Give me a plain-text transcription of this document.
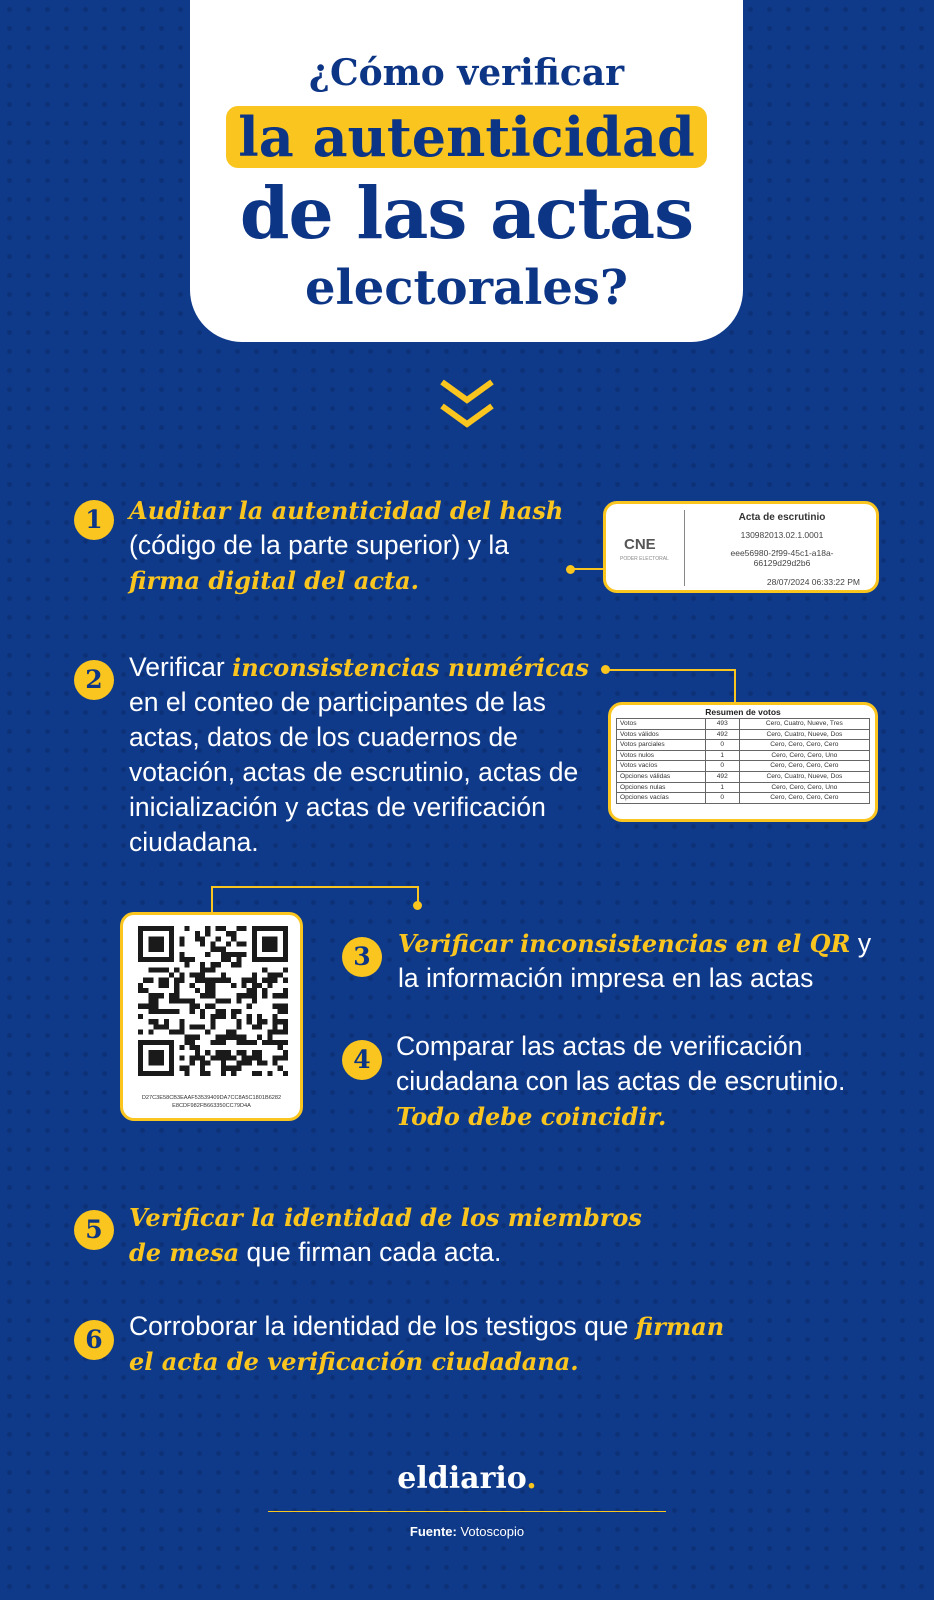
¿Cómo verificar
la autenticidad
de las actas
electorales?
1	Auditar la autenticidad del hash
(código de la parte superior) y la
firma digital del acta.
CNE
PODER ELECTORAL
Acta de escrutinio
130982013.02.1.0001
eee56980-2f99-45c1-a18a-
66129d29d2b6
28/07/2024 06:33:22 PM
2 Verificar inconsistencias numéricas
en el conteo de participantes de las actas, datos de los cuadernos de votación, actas de escrutinio, actas de inicialización y actas de verificación ciudadana.
Resumen de votos
Votos	493	Cero, Cuatro, Nueve, Tres
Votos válidos	492	Cero, Cuatro, Nueve, Dos
Votos parciales	0	Cero, Cero, Cero, Cero
Votos nulos	1	Cero, Cero, Cero, Uno
Votos vacíos	0	Cero, Cero, Cero, Cero
Opciones válidas	492	Cero, Cuatro, Nueve, Dos
Opciones nulas	1	Cero, Cero, Cero, Uno
Opciones vacías	0	Cero, Cero, Cero, Cero
D27C3E58CB3EAAF53539409DA7CC8A5C1801B6282
E8CDF982FB663350CC79D4A
3	Verificar inconsistencias en el QR y la información impresa en las actas
4 Comparar las actas de verificación ciudadana con las actas de escrutinio. Todo debe coincidir.
5	Verificar la identidad de los miembros de mesa que firman cada acta.
6 Corroborar la identidad de los testigos que firman el acta de verificación ciudadana.
eldiario.
Fuente: Votoscopio
